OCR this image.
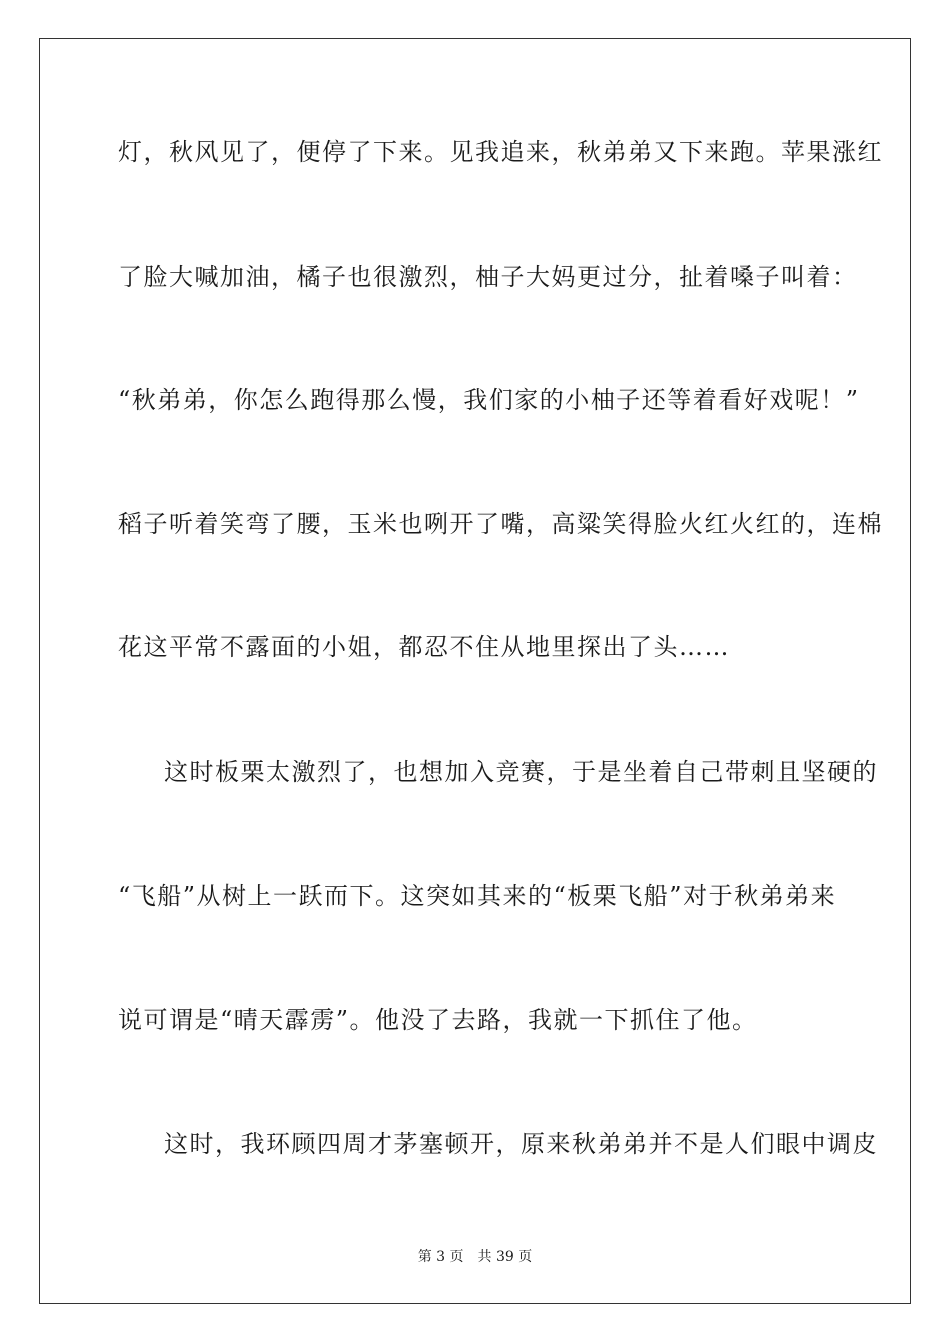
灯，秋风见了，便停了下来。见我追来，秋弟弟又下来跑。苹果涨红
了脸大喊加油，橘子也很激烈，柚子大妈更过分，扯着嗓子叫着：
“秋弟弟，你怎么跑得那么慢，我们家的小柚子还等着看好戏呢！”
稻子听着笑弯了腰，玉米也咧开了嘴，高粱笑得脸火红火红的，连棉
花这平常不露面的小姐，都忍不住从地里探出了头……
这时板栗太激烈了，也想加入竞赛，于是坐着自己带刺且坚硬的
“飞船”从树上一跃而下。这突如其来的“板栗飞船”对于秋弟弟来
说可谓是“晴天霹雳”。他没了去路，我就一下抓住了他。
这时，我环顾四周才茅塞顿开，原来秋弟弟并不是人们眼中调皮
第 3 页 共 39 页
